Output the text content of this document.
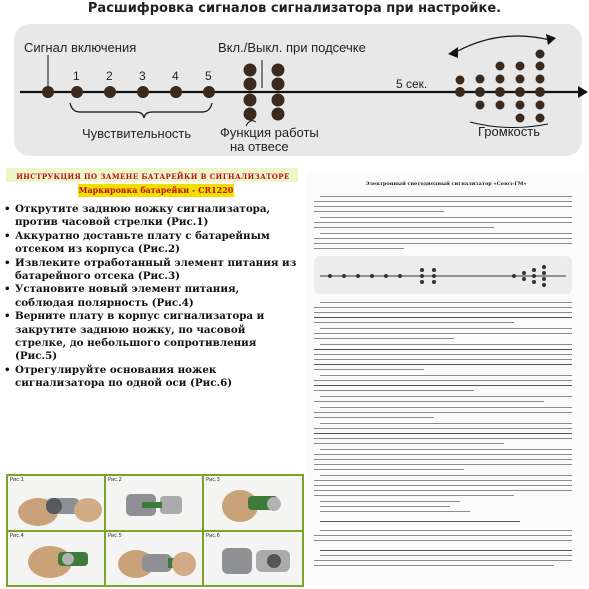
Расшифровка сигналов сигнализатора при настройке.
Сигнал включения
1 2 3 4 5
Чувствительность
Вкл./Выкл. при подсечке
Функция работы
на отвесе
5 сек.
Громкость
ИНСТРУКЦИЯ ПО ЗАМЕНЕ БАТАРЕЙКИ В СИГНАЛИЗАТОРЕ
Маркировка батарейки - CR1220
• Открутите заднюю ножку сигнализатора, против часовой стрелки (Рис.1)
• Аккуратно достаньте плату с батарейным отсеком из корпуса (Рис.2)
• Извлеките отработанный элемент питания из батарейного отсека (Рис.3)
• Установите новый элемент питания, соблюдая полярность (Рис.4)
• Верните плату в корпус сигнализатора и закрутите заднюю ножку, по часовой стрелке, до небольшого сопротивления (Рис.5)
• Отрегулируйте основания ножек сигнализатора по одной оси (Рис.6)
Рис.1	Рис.2	Рис.3
Рис.4	Рис.5	Рис.6
Электронный светодиодный сигнализатор «Союз-ГМ»
